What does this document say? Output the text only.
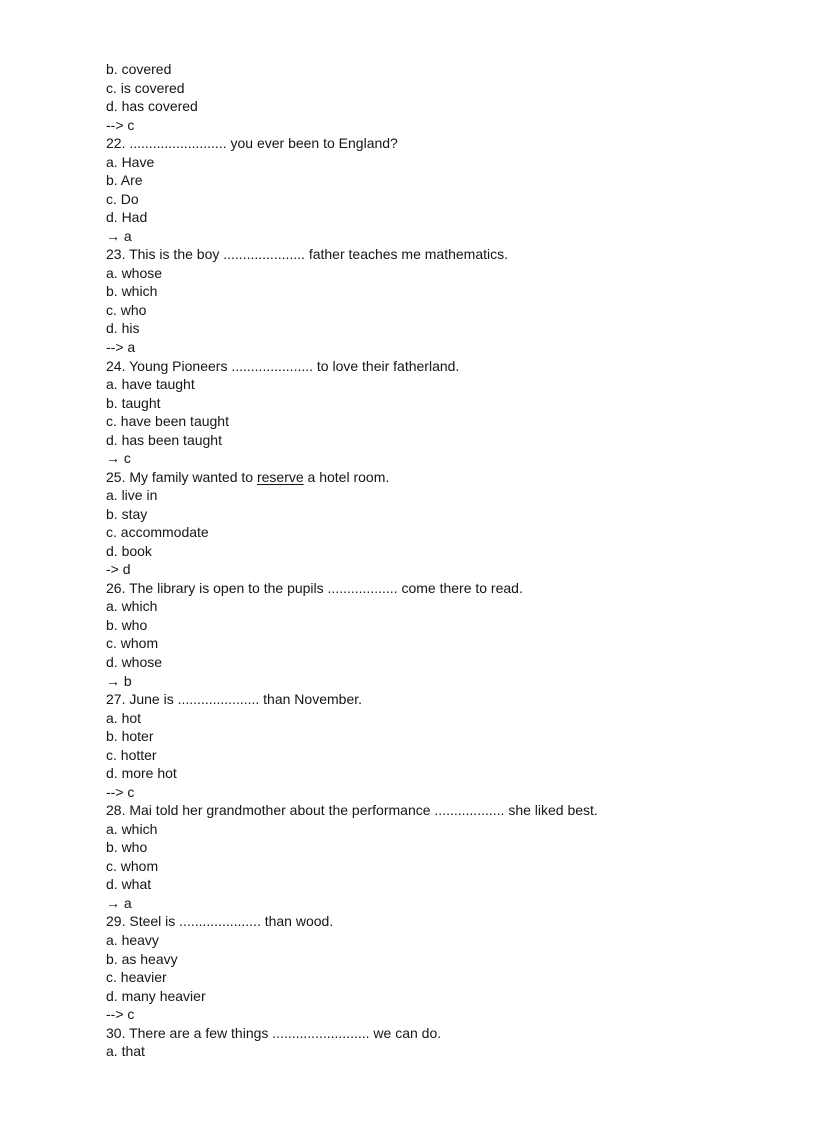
b. covered
c. is covered
d. has covered
--> c
22. ......................... you ever been to England?
a. Have
b. Are
c. Do
d. Had
→ a
23. This is the boy ..................... father teaches me mathematics.
a. whose
b. which
c. who
d. his
--> a
24. Young Pioneers ..................... to love their fatherland.
a. have taught
b. taught
c. have been taught
d. has been taught
→ c
25. My family wanted to reserve a hotel room.
a. live in
b. stay
c. accommodate
d. book
-> d
26. The library is open to the pupils .................. come there to read.
a. which
b. who
c. whom
d. whose
→ b
27. June is ..................... than November.
a. hot
b. hoter
c. hotter
d. more hot
--> c
28. Mai told her grandmother about the performance .................. she liked best.
a. which
b. who
c. whom
d. what
→ a
29. Steel is ..................... than wood.
a. heavy
b. as heavy
c. heavier
d. many heavier
--> c
30. There are a few things ......................... we can do.
a. that
